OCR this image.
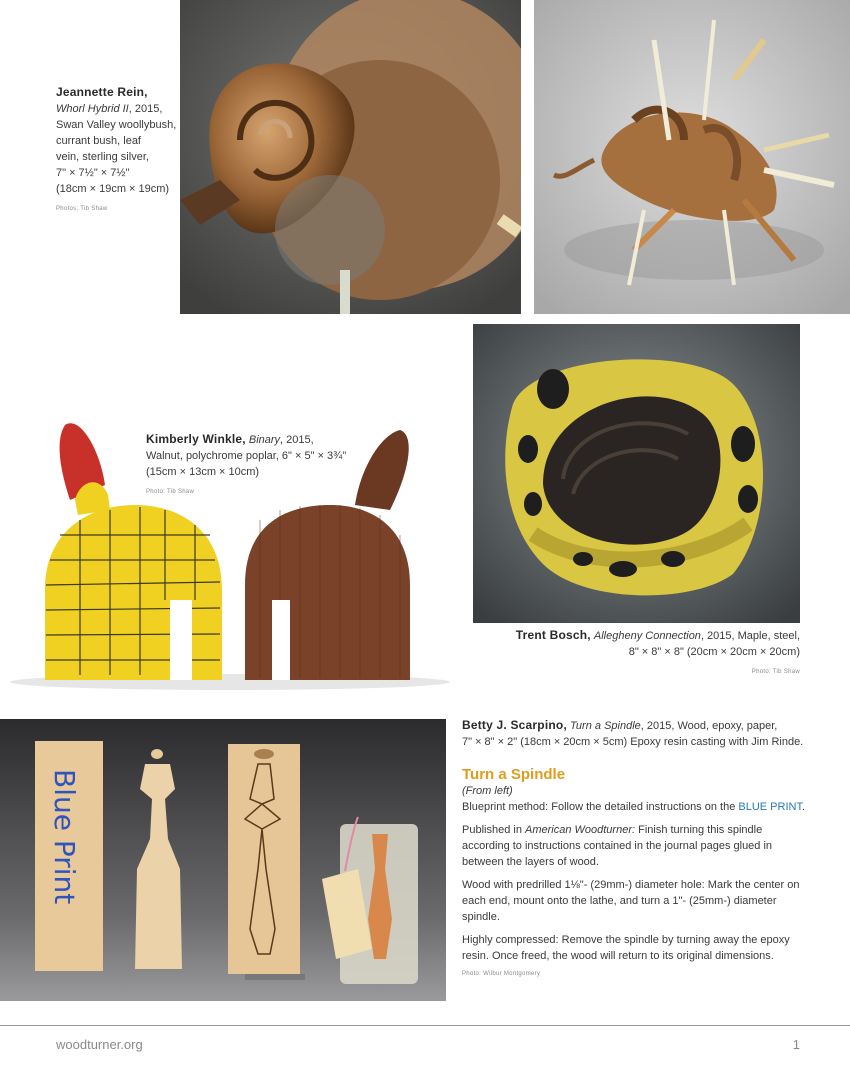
Jeannette Rein,
Whorl Hybrid II, 2015,
Swan Valley woollybush,
currant bush, leaf
vein, sterling silver,
7" × 7½" × 7½"
(18cm × 19cm × 19cm)
Photos: Tib Shaw
Kimberly Winkle, Binary, 2015,
Walnut, polychrome poplar, 6" × 5" × 3¾"
(15cm × 13cm × 10cm)
Photo: Tib Shaw
Trent Bosch, Allegheny Connection, 2015, Maple, steel,
8" × 8" × 8" (20cm × 20cm × 20cm)
Photo: Tib Shaw
Blue Print
Betty J. Scarpino, Turn a Spindle, 2015, Wood, epoxy, paper,
7" × 8" × 2" (18cm × 20cm × 5cm) Epoxy resin casting with Jim Rinde.
Turn a Spindle

(From left)

Blueprint method: Follow the detailed instructions on the BLUE PRINT.

Published in American Woodturner: Finish turning this spindle according to instructions contained in the journal pages glued in between the layers of wood.

Wood with predrilled 1⅛"- (29mm-) diameter hole: Mark the center on each end, mount onto the lathe, and turn a 1"- (25mm-) diameter spindle.

Highly compressed: Remove the spindle by turning away the epoxy resin. Once freed, the wood will return to its original dimensions.

Photo: Wilbur Montgomery
woodturner.org	1
